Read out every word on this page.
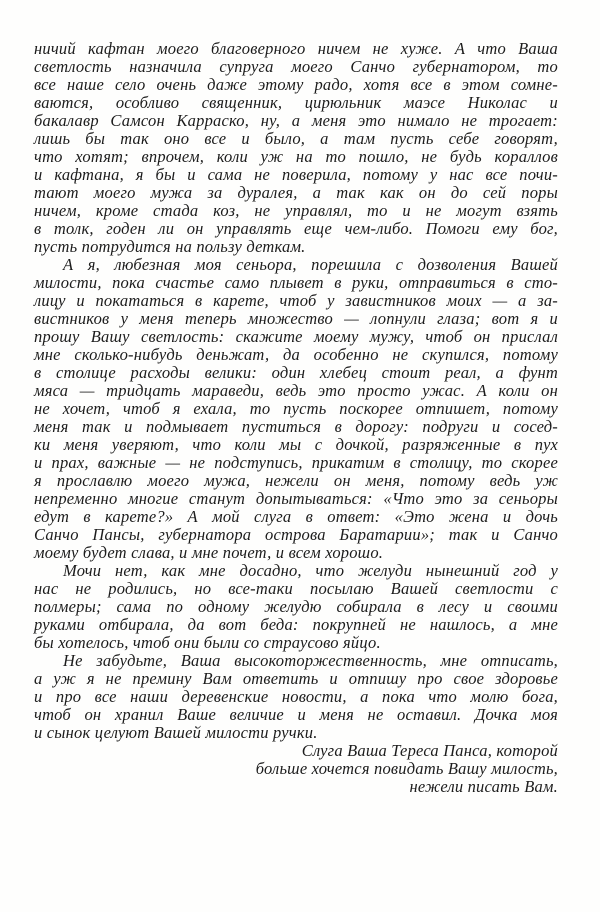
ничий кафтан моего благоверного ничем не хуже. А что Ваша
светлость назначила супруга моего Санчо губернатором, то
все наше село очень даже этому радо, хотя все в этом сомне-
ваются, особливо священник, цирюльник маэсе Николас и
бакалавр Самсон Карраско, ну, а меня это нимало не трогает:
лишь бы так оно все и было, а там пусть себе говорят,
что хотят; впрочем, коли уж на то пошло, не будь кораллов
и кафтана, я бы и сама не поверила, потому у нас все почи-
тают моего мужа за дуралея, а так как он до сей поры
ничем, кроме стада коз, не управлял, то и не могут взять
в толк, годен ли он управлять еще чем-либо. Помоги ему бог,
пусть потрудится на пользу деткам.
А я, любезная моя сеньора, порешила с дозволения Вашей
милости, пока счастье само плывет в руки, отправиться в сто-
лицу и покататься в карете, чтоб у завистников моих — а за-
вистников у меня теперь множество — лопнули глаза; вот я и
прошу Вашу светлость: скажите моему мужу, чтоб он прислал
мне сколько-нибудь деньжат, да особенно не скупился, потому
в столице расходы велики: один хлебец стоит реал, а фунт
мяса — тридцать мараведи, ведь это просто ужас. А коли он
не хочет, чтоб я ехала, то пусть поскорее отпишет, потому
меня так и подмывает пуститься в дорогу: подруги и сосед-
ки меня уверяют, что коли мы с дочкой, разряженные в пух
и прах, важные — не подступись, прикатим в столицу, то скорее
я прославлю моего мужа, нежели он меня, потому ведь уж
непременно многие станут допытываться: «Что это за сеньоры
едут в карете?» А мой слуга в ответ: «Это жена и дочь
Санчо Пансы, губернатора острова Баратарии»; так и Санчо
моему будет слава, и мне почет, и всем хорошо.
Мочи нет, как мне досадно, что желуди нынешний год у
нас не родились, но все-таки посылаю Вашей светлости с
полмеры; сама по одному желудю собирала в лесу и своими
руками отбирала, да вот беда: покрупней не нашлось, а мне
бы хотелось, чтоб они были со страусово яйцо.
Не забудьте, Ваша высокоторжественность, мне отписать,
а уж я не премину Вам ответить и отпишу про свое здоровье
и про все наши деревенские новости, а пока что молю бога,
чтоб он хранил Ваше величие и меня не оставил. Дочка моя
и сынок целуют Вашей милости ручки.
Слуга Ваша Тереса Панса, которой
больше хочется повидать Вашу милость,
нежели писать Вам.
